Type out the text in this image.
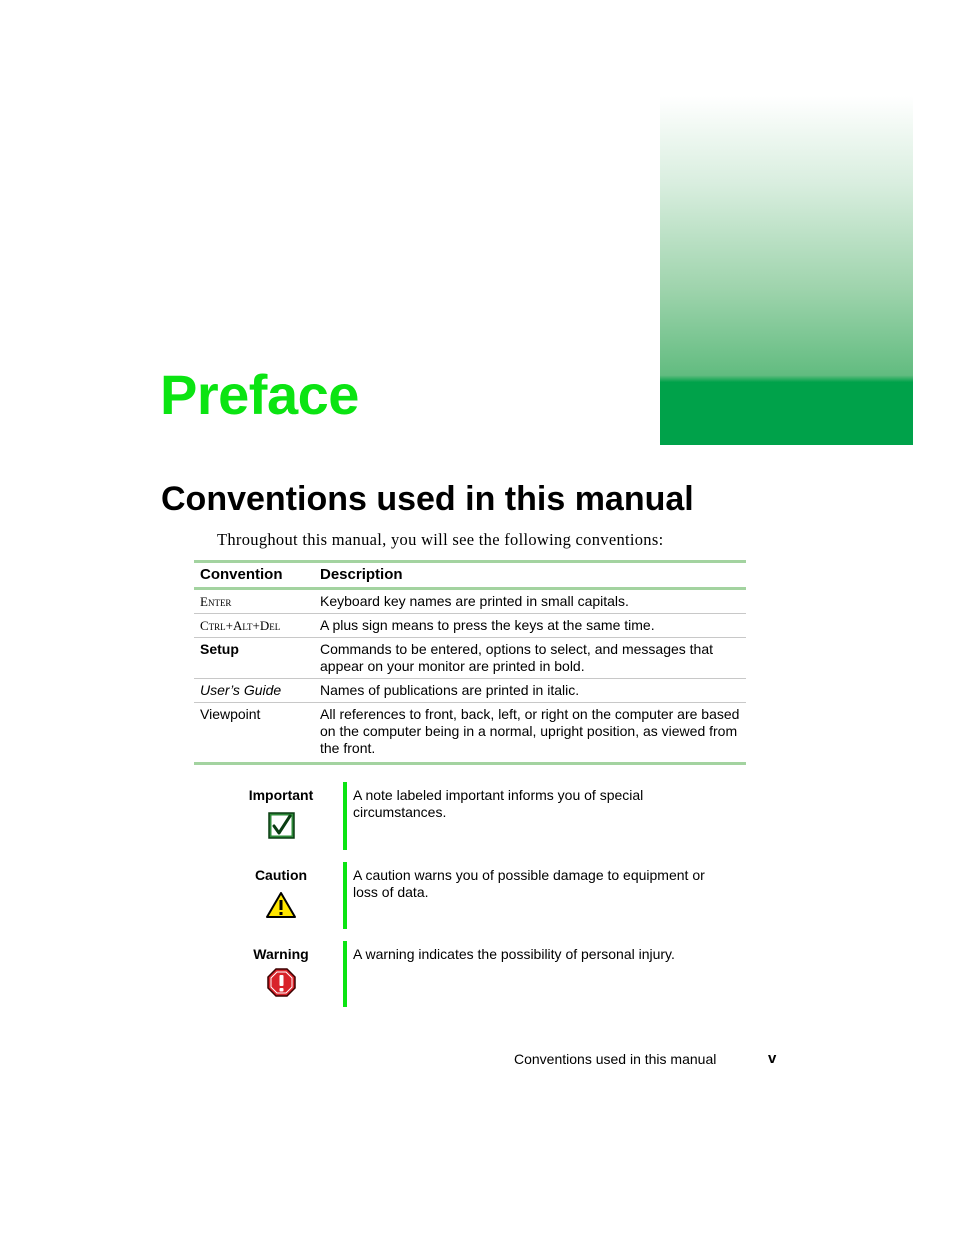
Preface
Conventions used in this manual
Throughout this manual, you will see the following conventions:
Convention	Description
Enter	Keyboard key names are printed in small capitals.
Ctrl+Alt+Del	A plus sign means to press the keys at the same time.
Setup	Commands to be entered, options to select, and messages that appear on your monitor are printed in bold.
User’s Guide	Names of publications are printed in italic.
Viewpoint	All references to front, back, left, or right on the computer are based on the computer being in a normal, upright position, as viewed from the front.
Important	A note labeled important informs you of special circumstances.
Caution	A caution warns you of possible damage to equipment or loss of data.
Warning	A warning indicates the possibility of personal injury.
Conventions used in this manual	v
